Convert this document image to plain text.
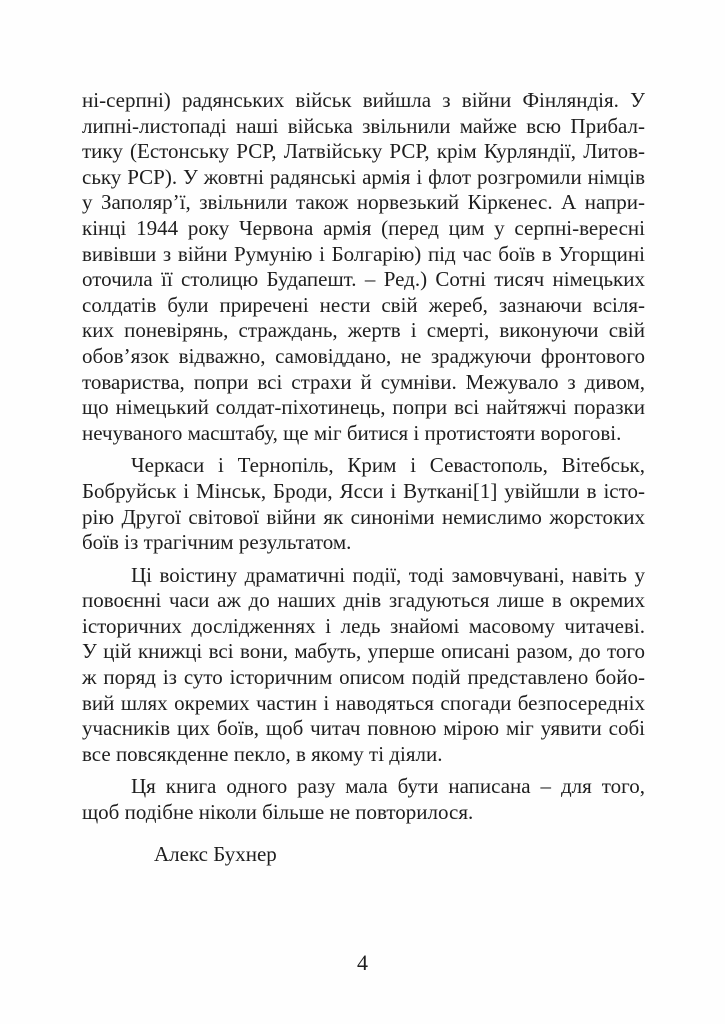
ні-серпні) радянських військ вийшла з війни Фінляндія. У
липні-листопаді наші війська звільнили майже всю Прибал-
тику (Естонську РСР, Латвійську РСР, крім Курляндії, Литов-
ську РСР). У жовтні радянські армія і флот розгромили німців
у Заполяр’ї, звільнили також норвезький Кіркенес. А напри-
кінці 1944 року Червона армія (перед цим у серпні-вересні
вивівши з війни Румунію і Болгарію) під час боїв в Угорщині
оточила її столицю Будапешт. – Ред.) Сотні тисяч німецьких
солдатів були приречені нести свій жереб, зазнаючи всіля-
ких поневірянь, страждань, жертв і смерті, виконуючи свій
обов’язок відважно, самовіддано, не зраджуючи фронтового
товариства, попри всі страхи й сумніви. Межувало з дивом,
що німецький солдат-піхотинець, попри всі найтяжчі поразки
нечуваного масштабу, ще міг битися і протистояти ворогові.
Черкаси і Тернопіль, Крим і Севастополь, Вітебськ,
Бобруйськ і Мінськ, Броди, Ясси і Вуткані[1] увійшли в істо-
рію Другої світової війни як синоніми немислимо жорстоких
боїв із трагічним результатом.
Ці воістину драматичні події, тоді замовчувані, навіть у
повоєнні часи аж до наших днів згадуються лише в окремих
історичних дослідженнях і ледь знайомі масовому читачеві.
У цій книжці всі вони, мабуть, уперше описані разом, до того
ж поряд із суто історичним описом подій представлено бойо-
вий шлях окремих частин і наводяться спогади безпосередніх
учасників цих боїв, щоб читач повною мірою міг уявити собі
все повсякденне пекло, в якому ті діяли.
Ця книга одного разу мала бути написана – для того,
щоб подібне ніколи більше не повторилося.
Алекс Бухнер
4
